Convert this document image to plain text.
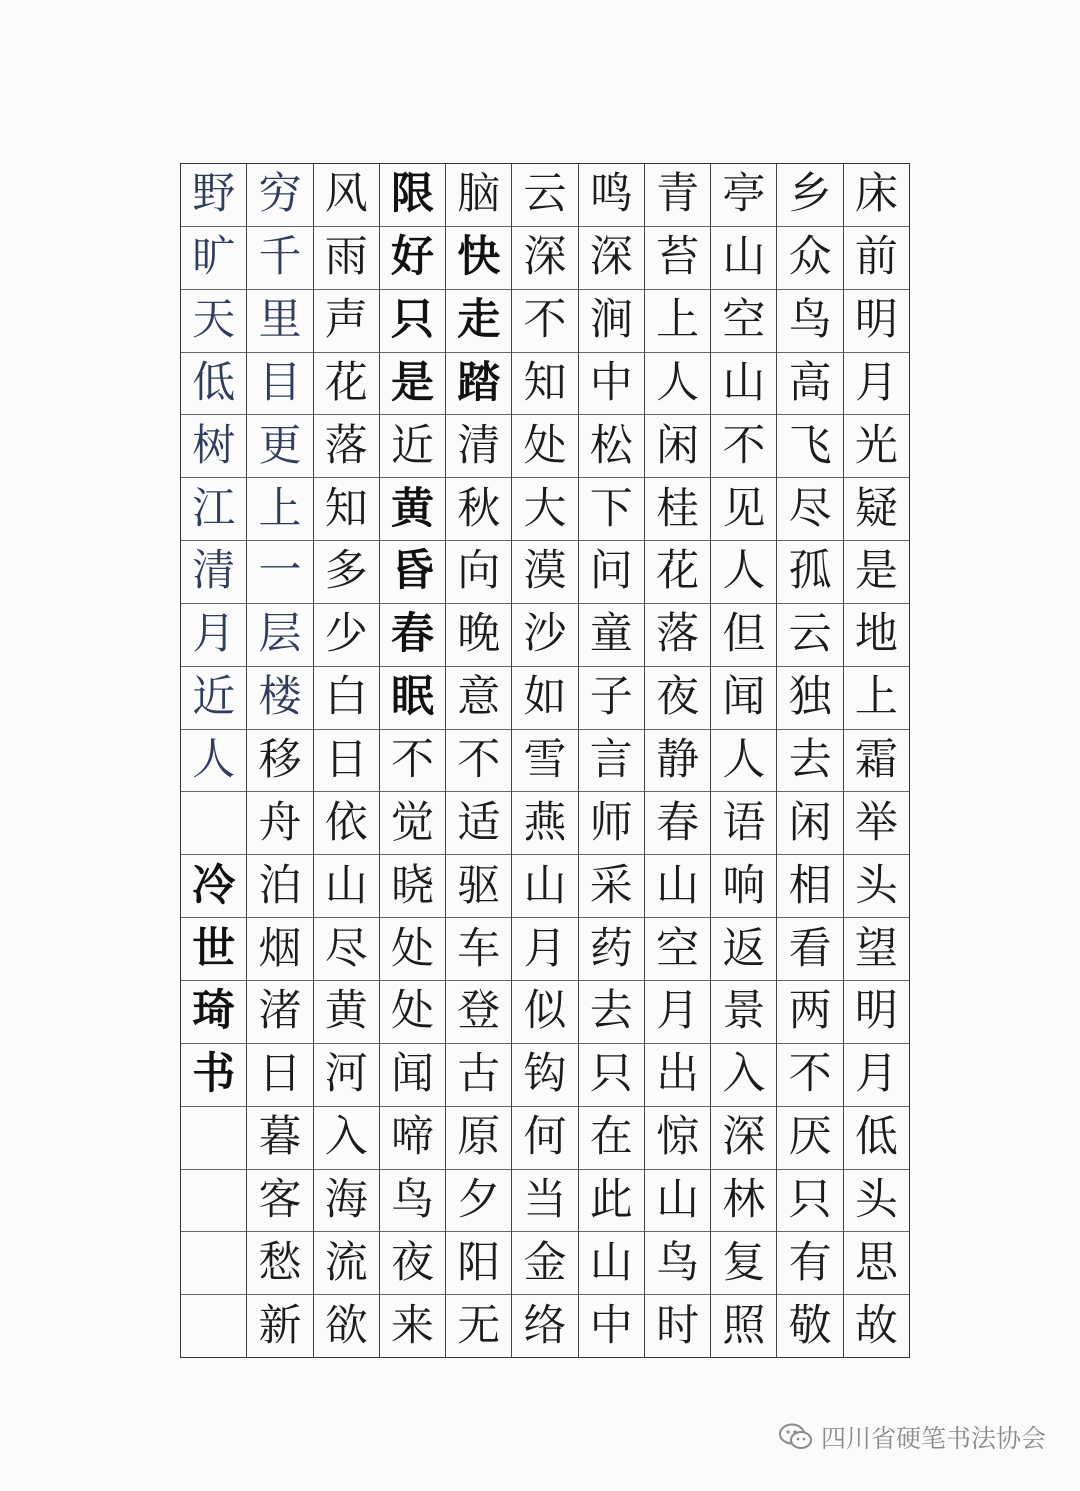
床
前
明
月
光
疑
是
地
上
霜
举
头
望
明
月
低
头
思
故
乡
众
鸟
高
飞
尽
孤
云
独
去
闲
相
看
两
不
厌
只
有
敬
亭
山
空
山
不
见
人
但
闻
人
语
响
返
景
入
深
林
复
照
青
苔
上
人
闲
桂
花
落
夜
静
春
山
空
月
出
惊
山
鸟
时
鸣
深
涧
中
松
下
问
童
子
言
师
采
药
去
只
在
此
山
中
云
深
不
知
处
大
漠
沙
如
雪
燕
山
月
似
钩
何
当
金
络
脑
快
走
踏
清
秋
向
晚
意
不
适
驱
车
登
古
原
夕
阳
无
限
好
只
是
近
黄
昏
春
眠
不
觉
晓
处
处
闻
啼
鸟
夜
来
风
雨
声
花
落
知
多
少
白
日
依
山
尽
黄
河
入
海
流
欲
穷
千
里
目
更
上
一
层
楼
移
舟
泊
烟
渚
日
暮
客
愁
新
野
旷
天
低
树
江
清
月
近
人
冷
世
琦
书
四川省硬笔书法协会
